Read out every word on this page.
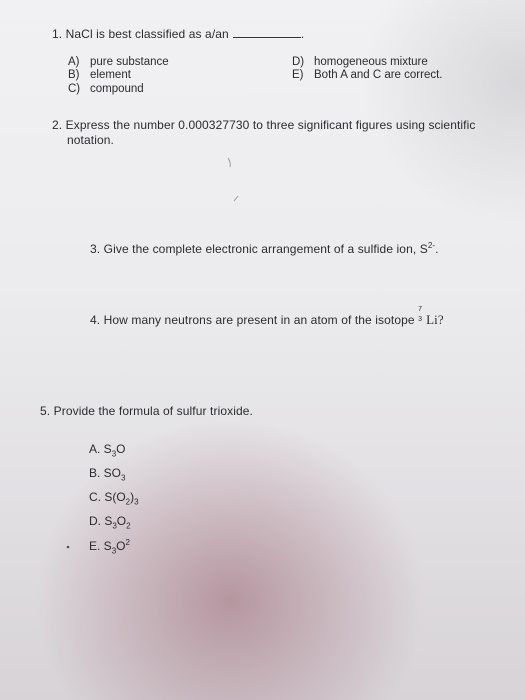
1. NaCl is best classified as a/an	.
A) pure substance
B) element
C) compound
D) homogeneous mixture
E) Both A and C are correct.
2. Express the number 0.000327730 to three significant figures using scientific
notation.
3. Give the complete electronic arrangement of a sulfide ion, $S^{2-}$.
4. How many neutrons are present in an atom of the isotope
7
3 Li?
5. Provide the formula of sulfur trioxide.
A. $S_3O$
B. $SO_3$
C. $S(O_2)_3$
D. $S_3O_2$
E. $S_3O^2$
